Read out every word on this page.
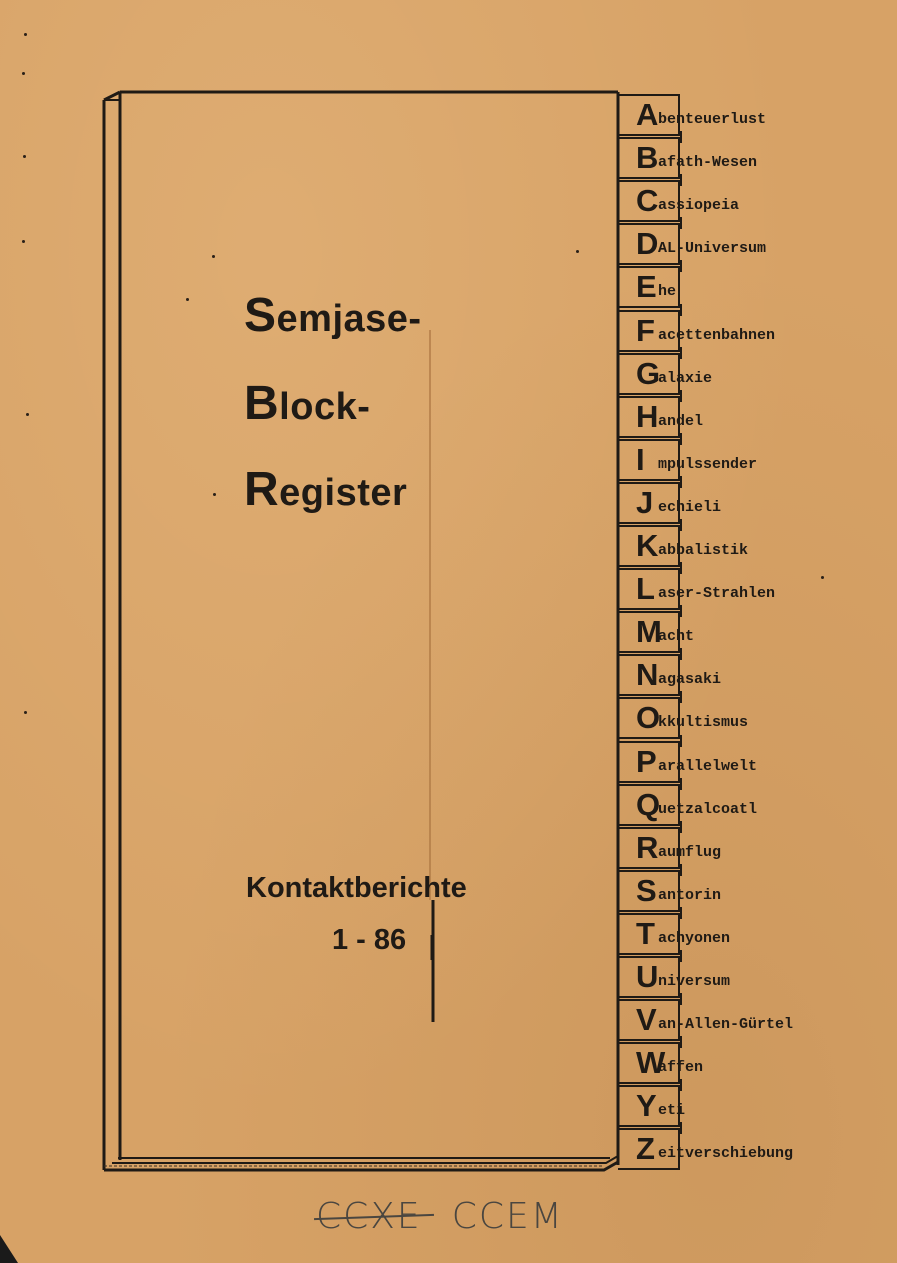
Semjase-

Block-

Register

Kontaktberichte

1 - 86

A benteuerlust
B afath-Wesen
C assiopeia
D AL-Universum
E he
F acettenbahnen
G
alaxie
H andel
I mpulssender
J echieli
K abbalistik
L aser-Strahlen
M
acht
N agasaki
O
kkultismus
P arallelwelt
Q
uetzalcoatl
R aumflug
S antorin
T achyonen
U niversum
V an-Allen-Gürtel
W
affen
Y eti
Z eitverschiebung
CCXE CCEM
